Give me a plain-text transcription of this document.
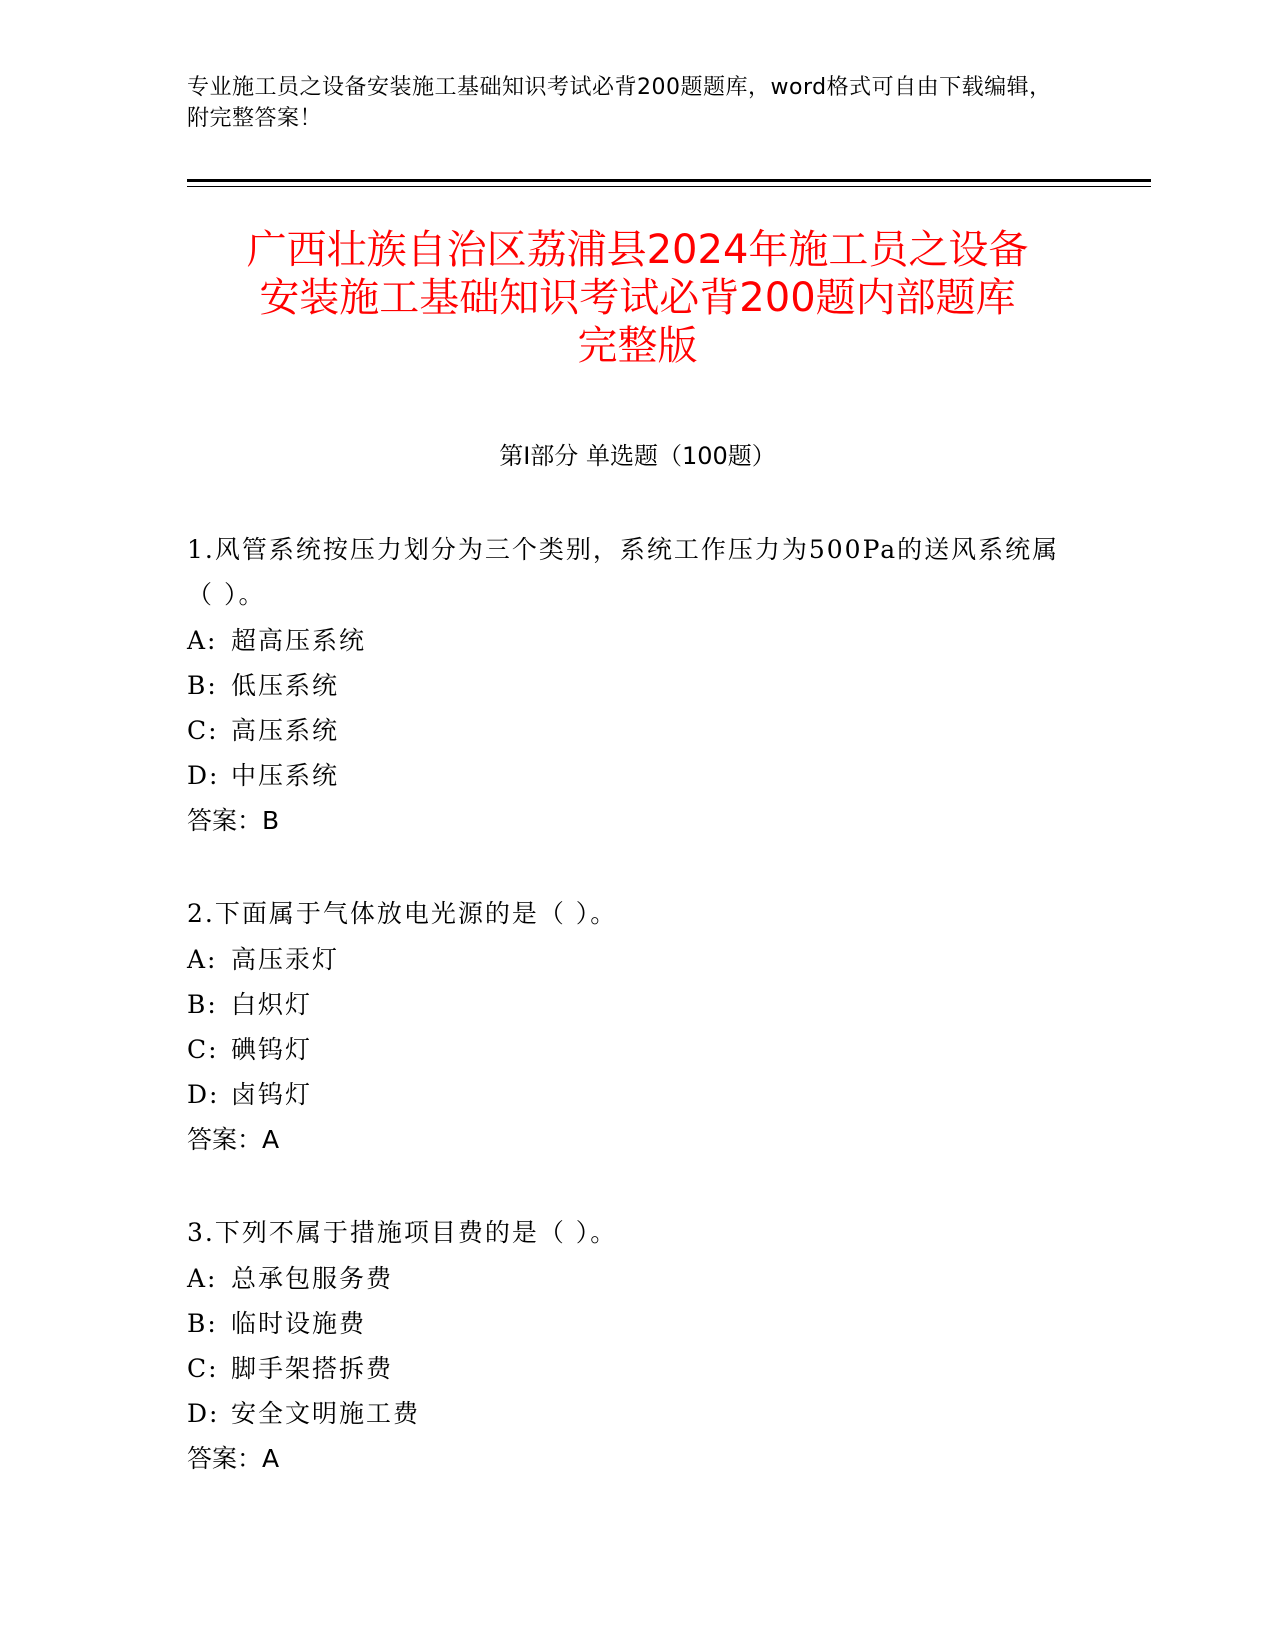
专业施工员之设备安装施工基础知识考试必背200题题库，word格式可自由下载编辑，附完整答案！
广西壮族自治区荔浦县2024年施工员之设备
安装施工基础知识考试必背200题内部题库
完整版
第Ⅰ部分 单选题（100题）
1.风管系统按压力划分为三个类别，系统工作压力为500Pa的送风系统属（ ）。
A: 超高压系统
B: 低压系统
C: 高压系统
D: 中压系统
答案：B
2.下面属于气体放电光源的是（ ）。
A: 高压汞灯
B: 白炽灯
C: 碘钨灯
D: 卤钨灯
答案：A
3.下列不属于措施项目费的是（ ）。
A: 总承包服务费
B: 临时设施费
C: 脚手架搭拆费
D: 安全文明施工费
答案：A
